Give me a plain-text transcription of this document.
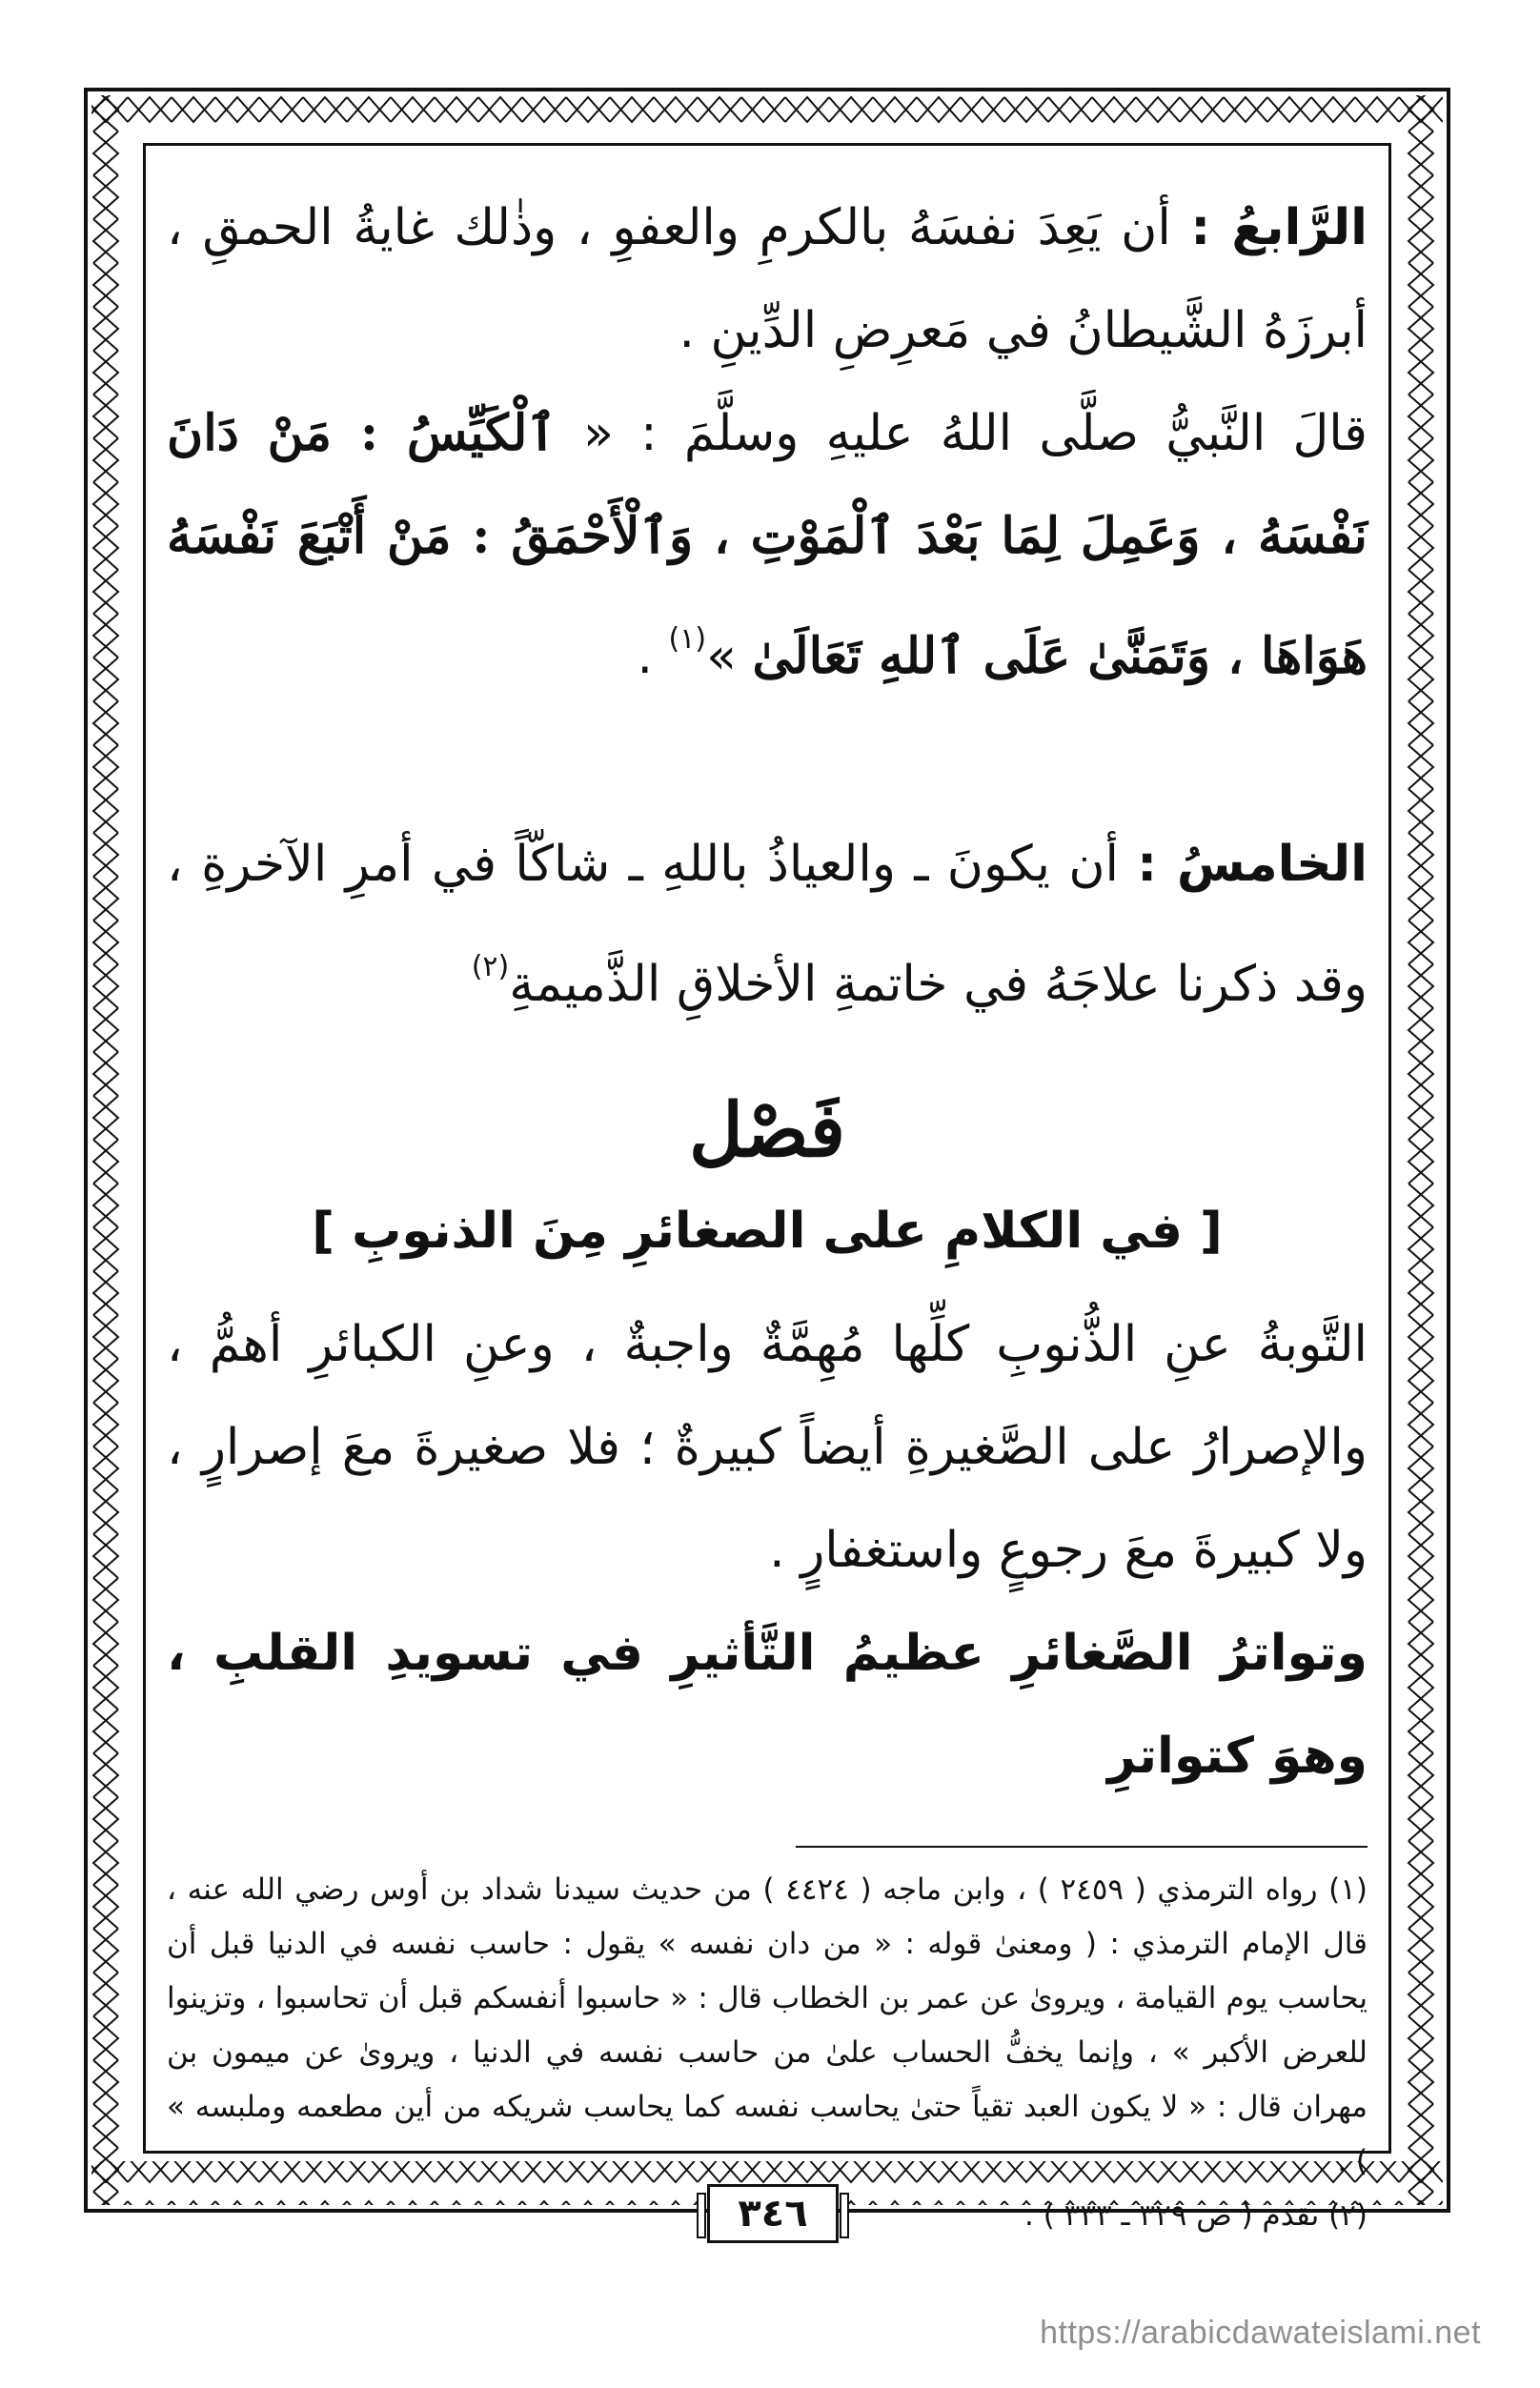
الرَّابعُ : أن يَعِدَ نفسَهُ بالكرمِ والعفوِ ، وذٰلك غايةُ الحمقِ ، أبرزَهُ الشَّيطانُ في مَعرِضِ الدِّينِ .

قالَ النَّبيُّ صلَّى اللهُ عليهِ وسلَّمَ : « ٱلْكَيِّسُ : مَنْ دَانَ نَفْسَهُ ، وَعَمِلَ لِمَا بَعْدَ ٱلْمَوْتِ ، وَٱلْأَحْمَقُ : مَنْ أَتْبَعَ نَفْسَهُ هَوَاهَا ، وَتَمَنَّىٰ عَلَى ٱللهِ تَعَالَىٰ »$^{(١)}$ .

الخامسُ : أن يكونَ ـ والعياذُ باللهِ ـ شاكّاً في أمرِ الآخرةِ ، وقد ذكرنا علاجَهُ في خاتمةِ الأخلاقِ الذَّميمةِ$^{(٢)}$

فَصْل

[ في الكلامِ على الصغائرِ مِنَ الذنوبِ ]

التَّوبةُ عنِ الذُّنوبِ كلِّها مُهِمَّةٌ واجبةٌ ، وعنِ الكبائرِ أهمُّ ، والإصرارُ على الصَّغيرةِ أيضاً كبيرةٌ ؛ فلا صغيرةَ معَ إصرارٍ ، ولا كبيرةَ معَ رجوعٍ واستغفارٍ .

وتواترُ الصَّغائرِ عظيمُ التَّأثيرِ في تسويدِ القلبِ ، وهوَ كتواترِ

(١) رواه الترمذي ( ٢٤٥٩ ) ، وابن ماجه ( ٤٤٢٤ ) من حديث سيدنا شداد بن أوس رضي الله عنه ، قال الإمام الترمذي : ( ومعنىٰ قوله : « من دان نفسه » يقول : حاسب نفسه في الدنيا قبل أن يحاسب يوم القيامة ، ويروىٰ عن عمر بن الخطاب قال : « حاسبوا أنفسكم قبل أن تحاسبوا ، وتزينوا للعرض الأكبر » ، وإنما يخفُّ الحساب علىٰ من حاسب نفسه في الدنيا ، ويروىٰ عن ميمون بن مهران قال : « لا يكون العبد تقياً حتىٰ يحاسب نفسه كما يحاسب شريكه من أين مطعمه وملبسه » ) .

(٢) تقدم ( ص ٣٢٩ ـ ٣٣٣ ) .

٣٤٦
https://arabicdawateislami.net
